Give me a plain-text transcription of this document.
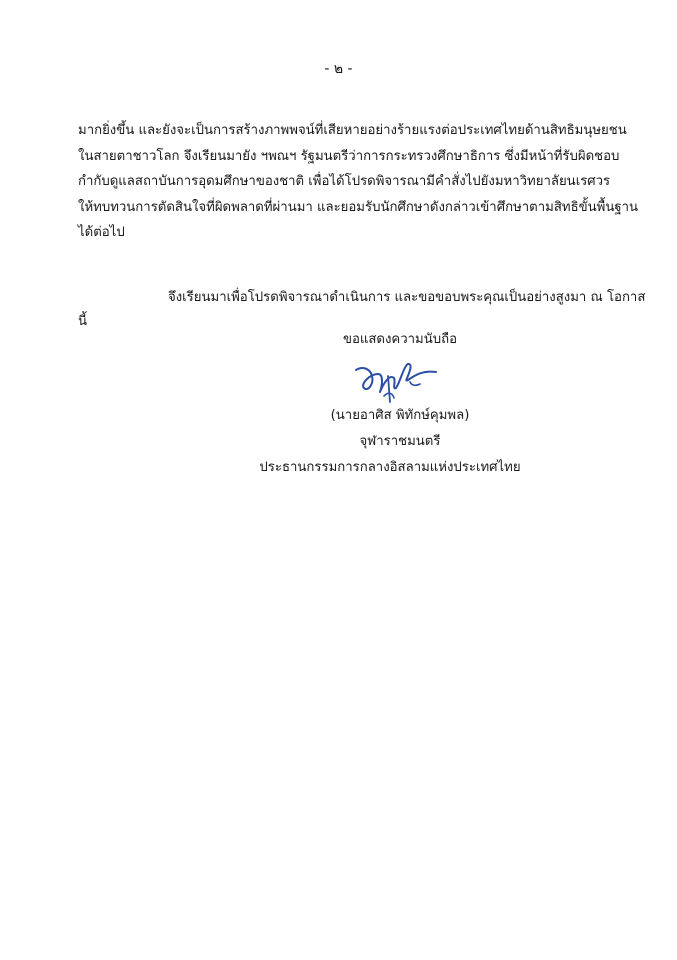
- ๒ -
มากยิ่งขึ้น และยังจะเป็นการสร้างภาพพจน์ที่เสียหายอย่างร้ายแรงต่อประเทศไทยด้านสิทธิมนุษยชน
ในสายตาชาวโลก จึงเรียนมายัง ฯพณฯ รัฐมนตรีว่าการกระทรวงศึกษาธิการ ซึ่งมีหน้าที่รับผิดชอบ
กำกับดูแลสถาบันการอุดมศึกษาของชาติ เพื่อได้โปรดพิจารณามีคำสั่งไปยังมหาวิทยาลัยนเรศวร
ให้ทบทวนการตัดสินใจที่ผิดพลาดที่ผ่านมา และยอมรับนักศึกษาดังกล่าวเข้าศึกษาตามสิทธิขั้นพื้นฐาน
ได้ต่อไป
จึงเรียนมาเพื่อโปรดพิจารณาดำเนินการ และขอขอบพระคุณเป็นอย่างสูงมา ณ โอกาส
นี้
ขอแสดงความนับถือ
(นายอาศิส พิทักษ์คุมพล)
จุฬาราชมนตรี
ประธานกรรมการกลางอิสลามแห่งประเทศไทย
